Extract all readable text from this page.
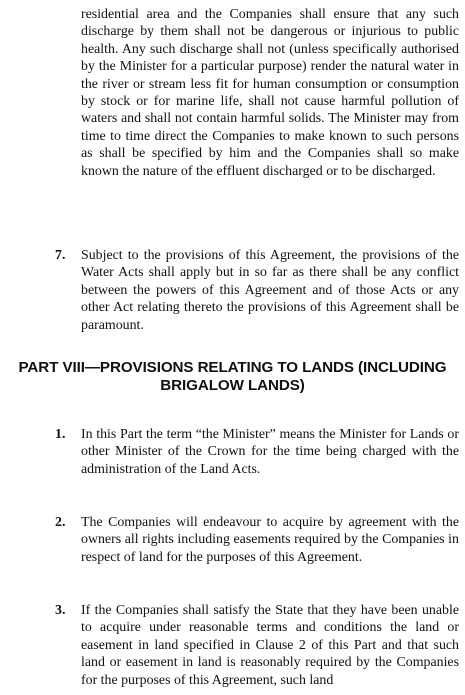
residential area and the Companies shall ensure that any such discharge by them shall not be dangerous or injurious to public health. Any such discharge shall not (unless specifically authorised by the Minister for a particular purpose) render the natural water in the river or stream less fit for human consumption or consumption by stock or for marine life, shall not cause harmful pollution of waters and shall not contain harmful solids. The Minister may from time to time direct the Companies to make known to such persons as shall be specified by him and the Companies shall so make known the nature of the effluent discharged or to be discharged.
7.	Subject to the provisions of this Agreement, the provisions of the Water Acts shall apply but in so far as there shall be any conflict between the powers of this Agreement and of those Acts or any other Act relating thereto the provisions of this Agreement shall be paramount.
PART VIII—PROVISIONS RELATING TO LANDS (INCLUDING
BRIGALOW LANDS)
1.	In this Part the term “the Minister” means the Minister for Lands or other Minister of the Crown for the time being charged with the administration of the Land Acts.
2.	The Companies will endeavour to acquire by agreement with the owners all rights including easements required by the Companies in respect of land for the purposes of this Agreement.
3.	If the Companies shall satisfy the State that they have been unable to acquire under reasonable terms and conditions the land or easement in land specified in Clause 2 of this Part and that such land or easement in land is reasonably required by the Companies for the purposes of this Agreement, such land
